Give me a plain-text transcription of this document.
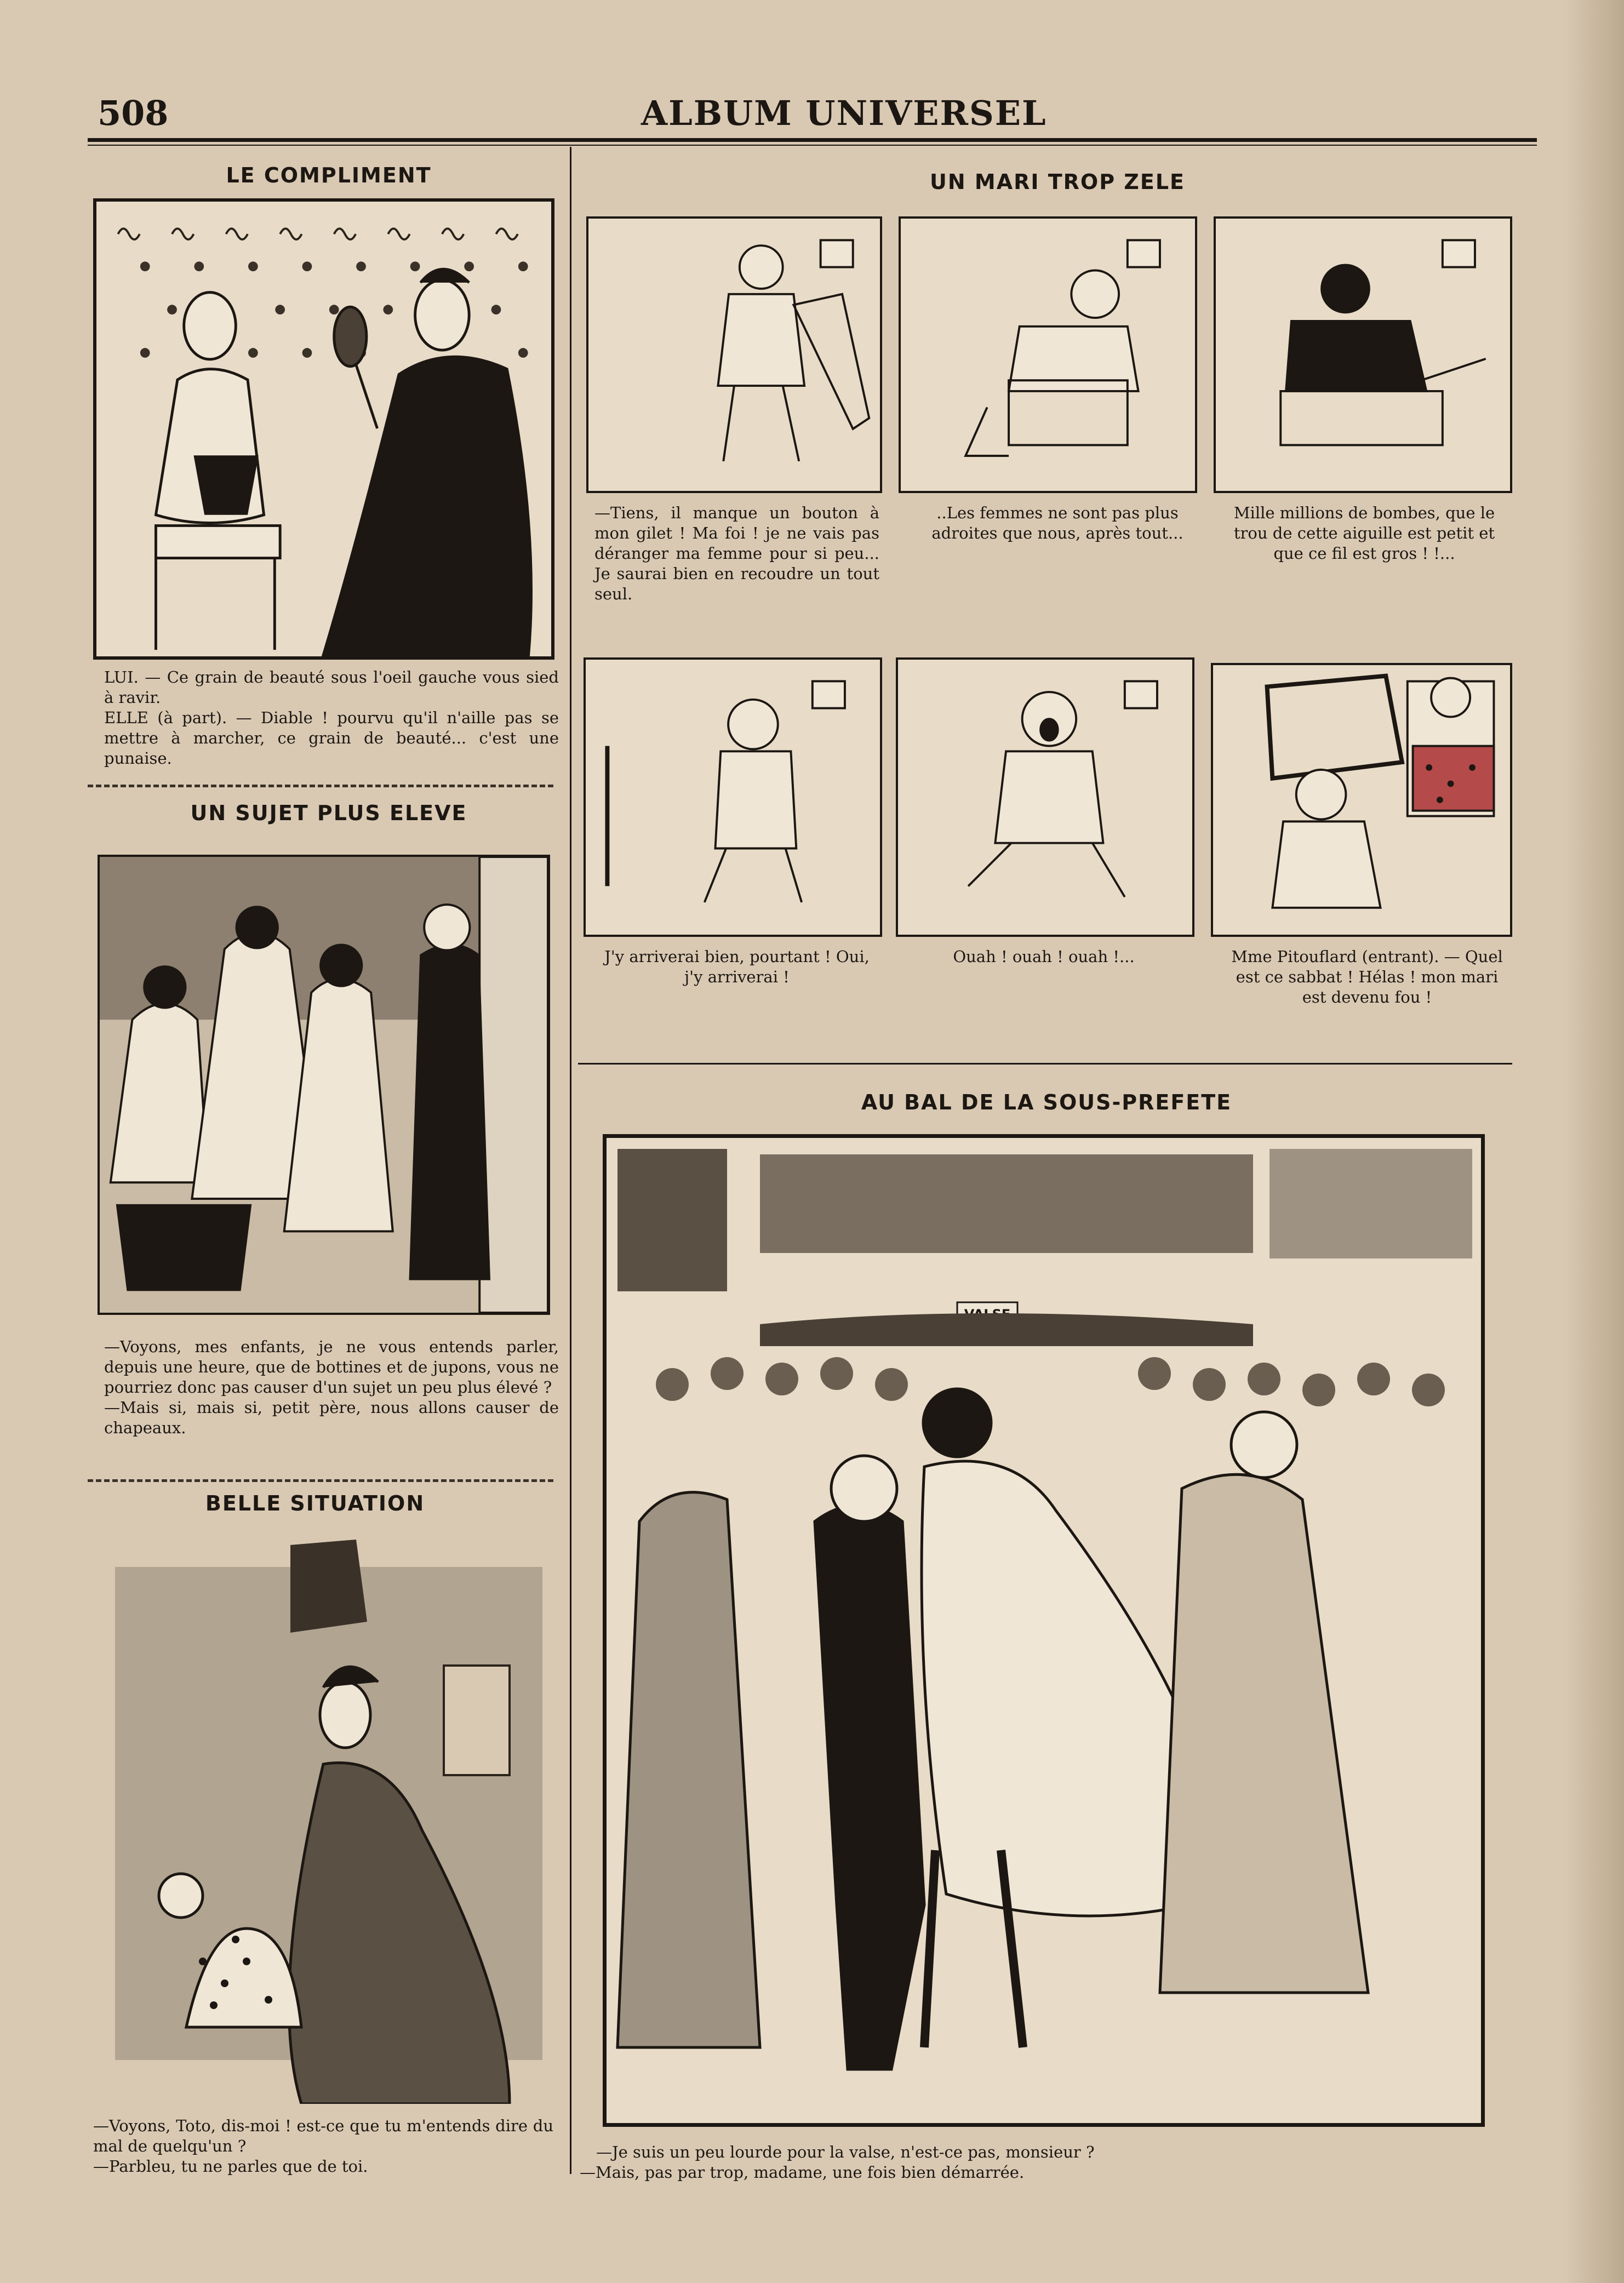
508	ALBUM UNIVERSEL
LE COMPLIMENT

LUI. — Ce grain de beauté sous l'oeil gauche vous sied à ravir.

ELLE (à part). — Diable ! pourvu qu'il n'aille pas se mettre à marcher, ce grain de beauté... c'est une punaise.

UN SUJET PLUS ELEVE

—Voyons, mes enfants, je ne vous entends parler, depuis une heure, que de bottines et de jupons, vous ne pourriez donc pas causer d'un sujet un peu plus élevé ?

—Mais si, mais si, petit père, nous allons causer de chapeaux.

BELLE SITUATION

—Voyons, Toto, dis-moi ! est-ce que tu m'entends dire du mal de quelqu'un ?

—Parbleu, tu ne parles que de toi.

UN MARI TROP ZELE
—Tiens, il manque un bouton à mon gilet ! Ma foi ! je ne vais pas déranger ma femme pour si peu... Je saurai bien en recoudre un tout seul.
..Les femmes ne sont pas plus adroites que nous, après tout...
Mille millions de bombes, que le trou de cette aiguille est petit et que ce fil est gros ! !...
J'y arriverai bien, pourtant ! Oui, j'y arriverai !
Ouah ! ouah ! ouah !...	Mme Pitouflard (entrant). — Quel est ce sabbat ! Hélas ! mon mari est devenu fou !
AU BAL DE LA SOUS-PREFETE

—Je suis un peu lourde pour la valse, n'est-ce pas, monsieur ?

—Mais, pas par trop, madame, une fois bien démarrée.
